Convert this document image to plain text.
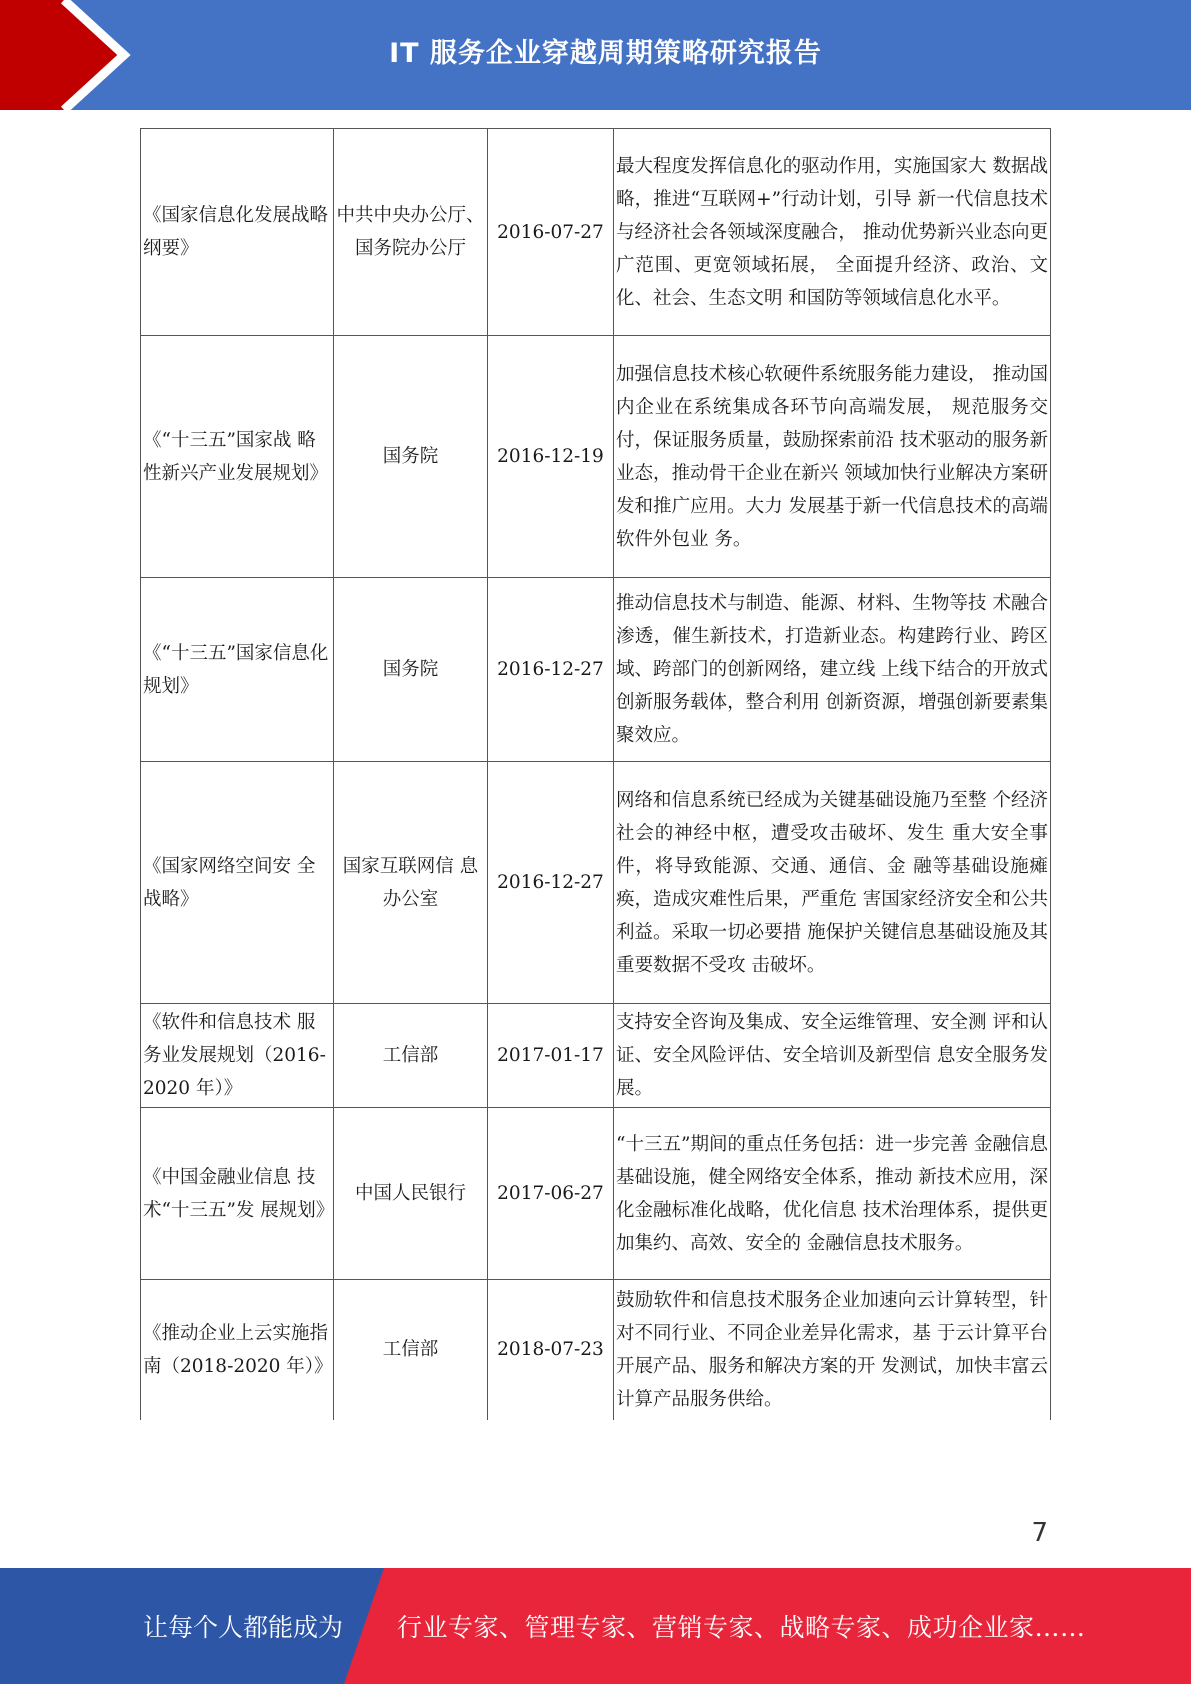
IT 服务企业穿越周期策略研究报告
《国家信息化发展战略纲要》	中共中央办公厅、国务院办公厅	2016-07-27	最大程度发挥信息化的驱动作用，实施国家大 数据战略，推进“互联网+”行动计划，引导 新一代信息技术与经济社会各领域深度融合， 推动优势新兴业态向更广范围、更宽领域拓展， 全面提升经济、政治、文化、社会、生态文明 和国防等领域信息化水平。
《“十三五”国家战 略性新兴产业发展规划》	国务院	2016-12-19	加强信息技术核心软硬件系统服务能力建设， 推动国内企业在系统集成各环节向高端发展， 规范服务交付，保证服务质量，鼓励探索前沿 技术驱动的服务新业态，推动骨干企业在新兴 领域加快行业解决方案研发和推广应用。大力 发展基于新一代信息技术的高端软件外包业 务。
《“十三五”国家信息化规划》	国务院	2016-12-27	推动信息技术与制造、能源、材料、生物等技 术融合渗透，催生新技术，打造新业态。构建跨行业、跨区域、跨部门的创新网络，建立线 上线下结合的开放式创新服务载体，整合利用 创新资源，增强创新要素集聚效应。
《国家网络空间安 全战略》	国家互联网信 息办公室	2016-12-27	网络和信息系统已经成为关键基础设施乃至整 个经济社会的神经中枢，遭受攻击破坏、发生 重大安全事件，将导致能源、交通、通信、金 融等基础设施瘫痪，造成灾难性后果，严重危 害国家经济安全和公共利益。采取一切必要措 施保护关键信息基础设施及其重要数据不受攻 击破坏。
《软件和信息技术 服务业发展规划（2016-2020 年）》	工信部	2017-01-17	支持安全咨询及集成、安全运维管理、安全测 评和认证、安全风险评估、安全培训及新型信 息安全服务发展。
《中国金融业信息 技术“十三五”发 展规划》	中国人民银行	2017-06-27	“十三五”期间的重点任务包括：进一步完善 金融信息基础设施，健全网络安全体系，推动 新技术应用，深化金融标准化战略，优化信息 技术治理体系，提供更加集约、高效、安全的 金融信息技术服务。
《推动企业上云实施指南（2018-2020 年）》	工信部	2018-07-23	鼓励软件和信息技术服务企业加速向云计算转型，针对不同行业、不同企业差异化需求，基 于云计算平台开展产品、服务和解决方案的开 发测试，加快丰富云计算产品服务供给。
7
让每个人都能成为 行业专家、管理专家、营销专家、战略专家、成功企业家……
